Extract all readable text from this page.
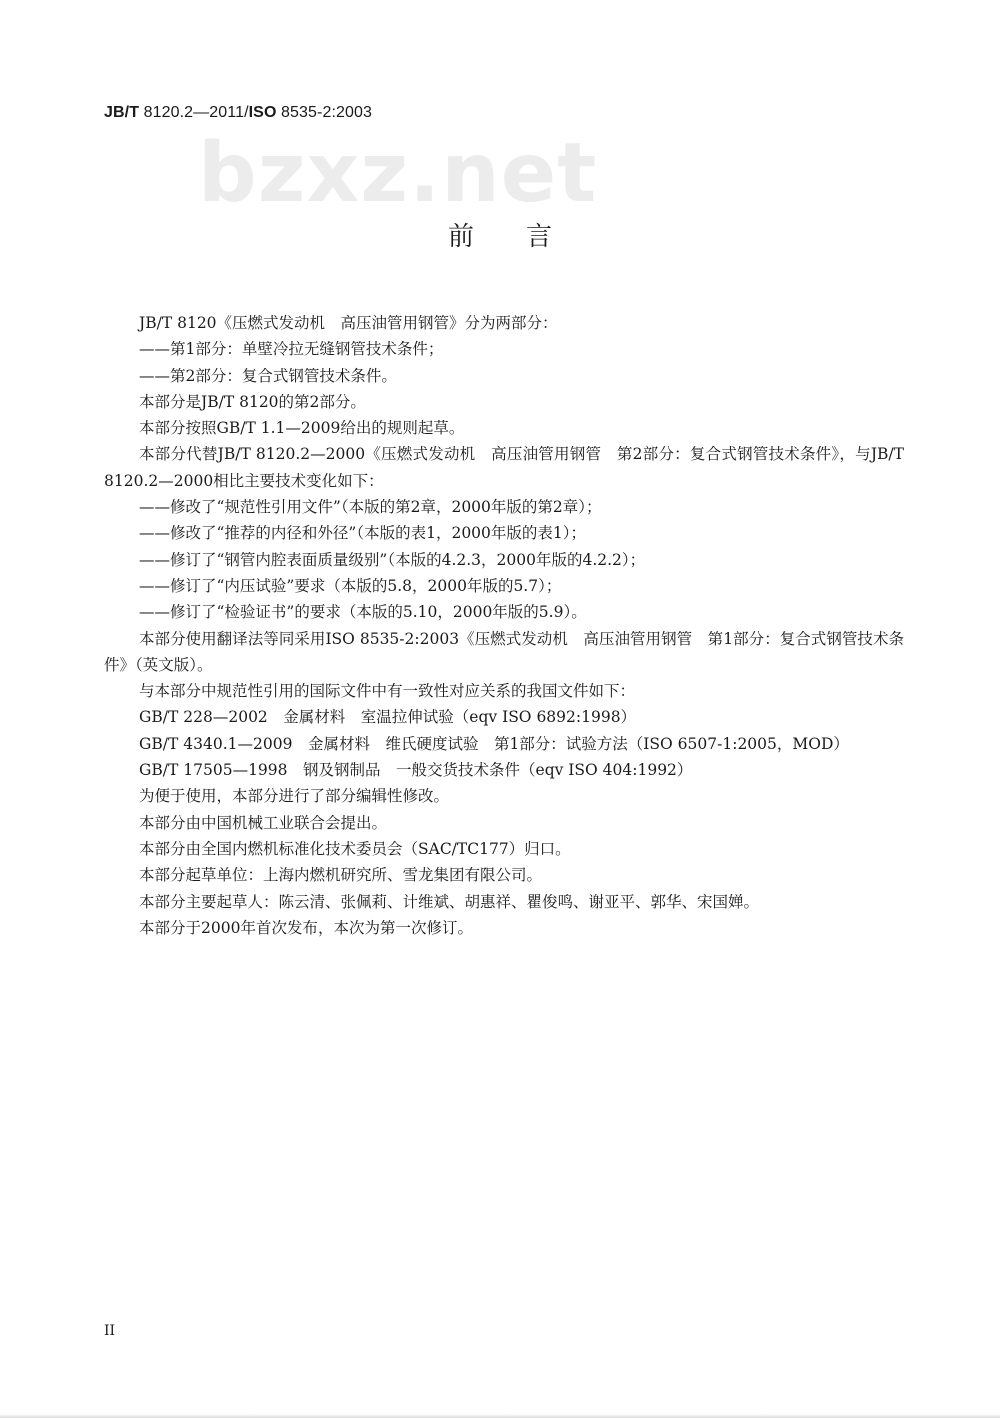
JB/T 8120.2—2011/ISO 8535-2:2003
bzxz.net
前 言

JB/T 8120《压燃式发动机　高压油管用钢管》分为两部分：

——第1部分：单壁冷拉无缝钢管技术条件；

——第2部分：复合式钢管技术条件。

本部分是JB/T 8120的第2部分。

本部分按照GB/T 1.1—2009给出的规则起草。

本部分代替JB/T 8120.2—2000《压燃式发动机　高压油管用钢管　第2部分：复合式钢管技术条件》，与JB/T 8120.2—2000相比主要技术变化如下：

——修改了“规范性引用文件”（本版的第2章，2000年版的第2章）；

——修改了“推荐的内径和外径”（本版的表1，2000年版的表1）；

——修订了“钢管内腔表面质量级别”（本版的4.2.3，2000年版的4.2.2）；

——修订了“内压试验”要求（本版的5.8，2000年版的5.7）；

——修订了“检验证书”的要求（本版的5.10，2000年版的5.9）。

本部分使用翻译法等同采用ISO 8535-2:2003《压燃式发动机　高压油管用钢管　第1部分：复合式钢管技术条件》（英文版）。

与本部分中规范性引用的国际文件中有一致性对应关系的我国文件如下：

GB/T 228—2002　金属材料　室温拉伸试验（eqv ISO 6892:1998）

GB/T 4340.1—2009　金属材料　维氏硬度试验　第1部分：试验方法（ISO 6507-1:2005，MOD）

GB/T 17505—1998　钢及钢制品　一般交货技术条件（eqv ISO 404:1992）

为便于使用，本部分进行了部分编辑性修改。

本部分由中国机械工业联合会提出。

本部分由全国内燃机标准化技术委员会（SAC/TC177）归口。

本部分起草单位：上海内燃机研究所、雪龙集团有限公司。

本部分主要起草人：陈云清、张佩莉、计维斌、胡惠祥、瞿俊鸣、谢亚平、郭华、宋国婵。

本部分于2000年首次发布，本次为第一次修订。

II
